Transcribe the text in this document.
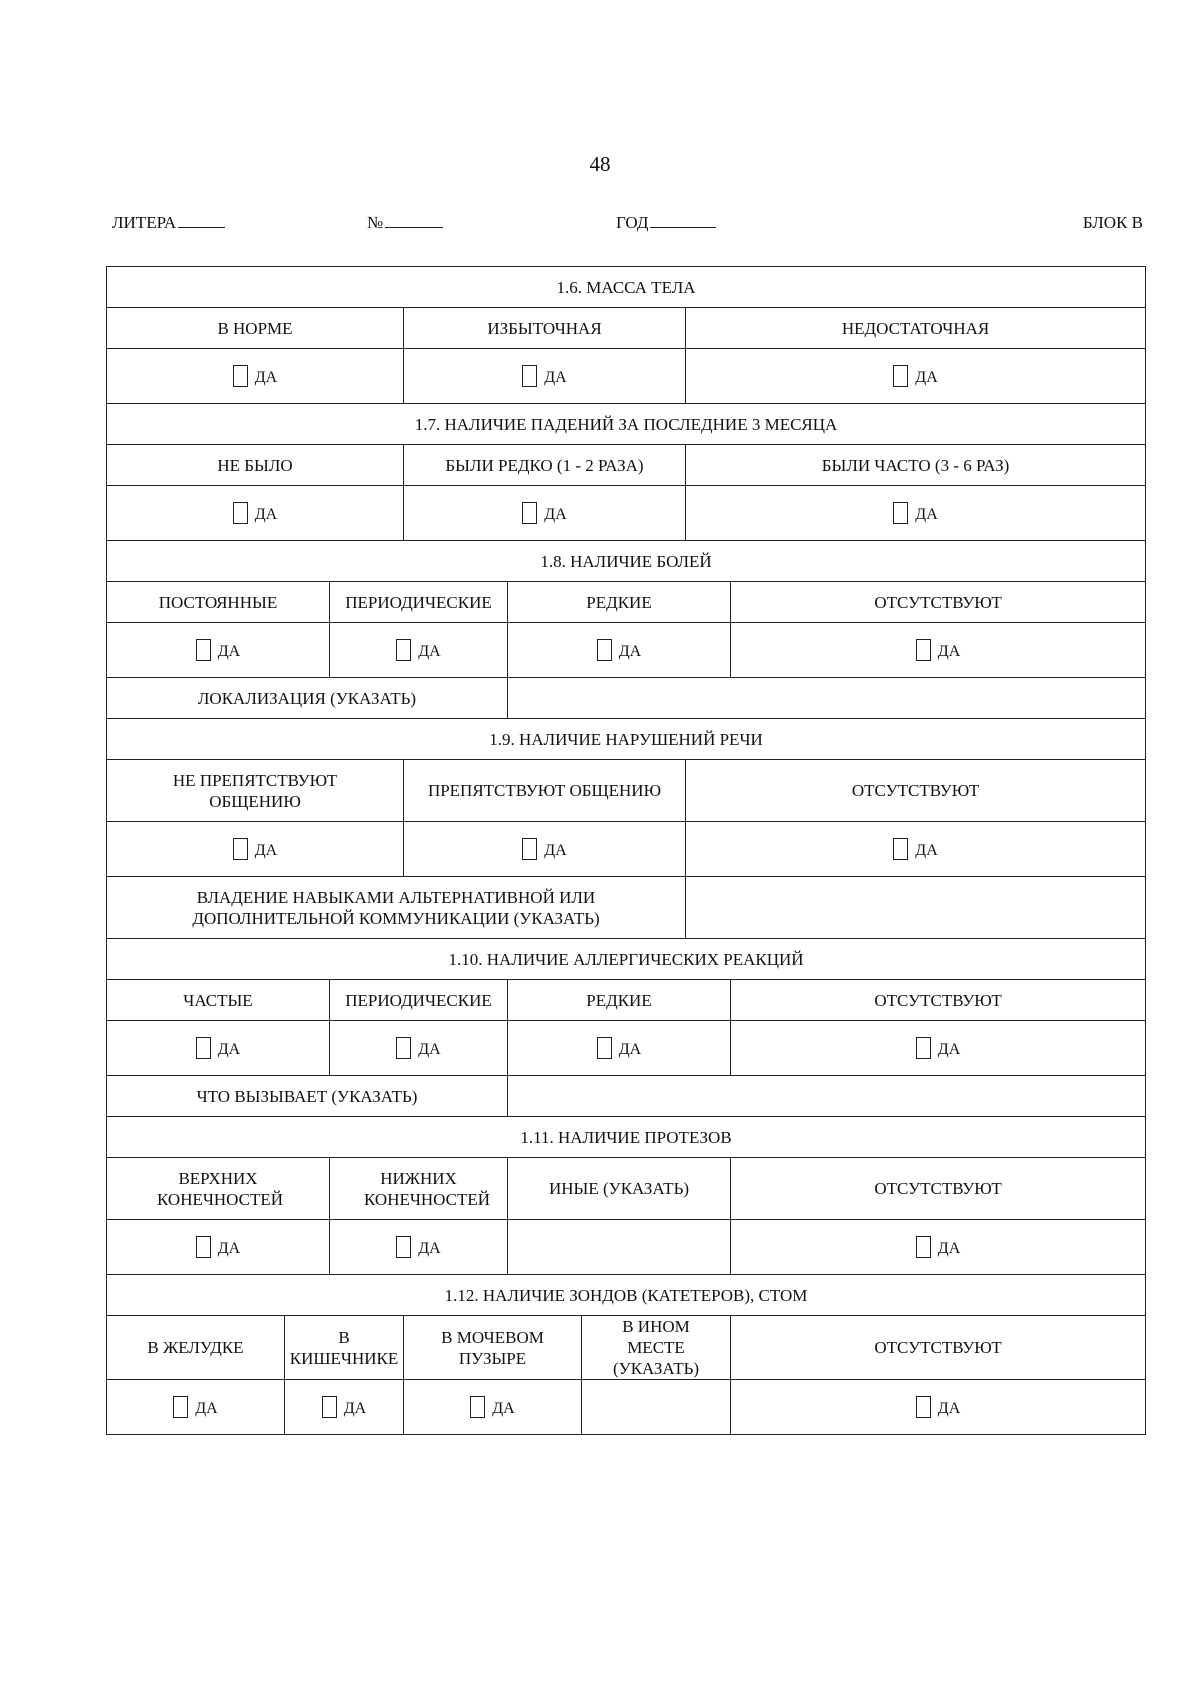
48
ЛИТЕРА	№	ГОД	БЛОК В
1.6. МАССА ТЕЛА							
В НОРМЕ			ИЗБЫТОЧНАЯ			НЕДОСТАТОЧНАЯ	
ДА			ДА			ДА	
1.7. НАЛИЧИЕ ПАДЕНИЙ ЗА ПОСЛЕДНИЕ 3 МЕСЯЦА							
НЕ БЫЛО			БЫЛИ РЕДКО (1 - 2 РАЗА)			БЫЛИ ЧАСТО (3 - 6 РАЗ)	
ДА			ДА			ДА	
1.8. НАЛИЧИЕ БОЛЕЙ							
ПОСТОЯННЫЕ		ПЕРИОДИЧЕСКИЕ		РЕДКИЕ			ОТСУТСТВУЮТ
ДА		ДА		ДА			ДА
ЛОКАЛИЗАЦИЯ (УКАЗАТЬ)							
1.9. НАЛИЧИЕ НАРУШЕНИЙ РЕЧИ							
НЕ ПРЕПЯТСТВУЮТ ОБЩЕНИЮ			ПРЕПЯТСТВУЮТ ОБЩЕНИЮ			ОТСУТСТВУЮТ	
ДА			ДА			ДА	
ВЛАДЕНИЕ НАВЫКАМИ АЛЬТЕРНАТИВНОЙ ИЛИ ДОПОЛНИТЕЛЬНОЙ КОММУНИКАЦИИ (УКАЗАТЬ)							
1.10. НАЛИЧИЕ АЛЛЕРГИЧЕСКИХ РЕАКЦИЙ							
ЧАСТЫЕ		ПЕРИОДИЧЕСКИЕ		РЕДКИЕ			ОТСУТСТВУЮТ
ДА		ДА		ДА			ДА
ЧТО ВЫЗЫВАЕТ (УКАЗАТЬ)							
1.11. НАЛИЧИЕ ПРОТЕЗОВ							
ВЕРХНИХ КОНЕЧНОСТЕЙ		НИЖНИХ КОНЕЧНОСТЕЙ		ИНЫЕ (УКАЗАТЬ)			ОТСУТСТВУЮТ
ДА		ДА					ДА
1.12. НАЛИЧИЕ ЗОНДОВ (КАТЕТЕРОВ), СТОМ							
В ЖЕЛУДКЕ	В КИШЕЧНИКЕ		В МОЧЕВОМ ПУЗЫРЕ		В ИНОМ МЕСТЕ (УКАЗАТЬ)		ОТСУТСТВУЮТ
ДА	ДА		ДА				ДА
